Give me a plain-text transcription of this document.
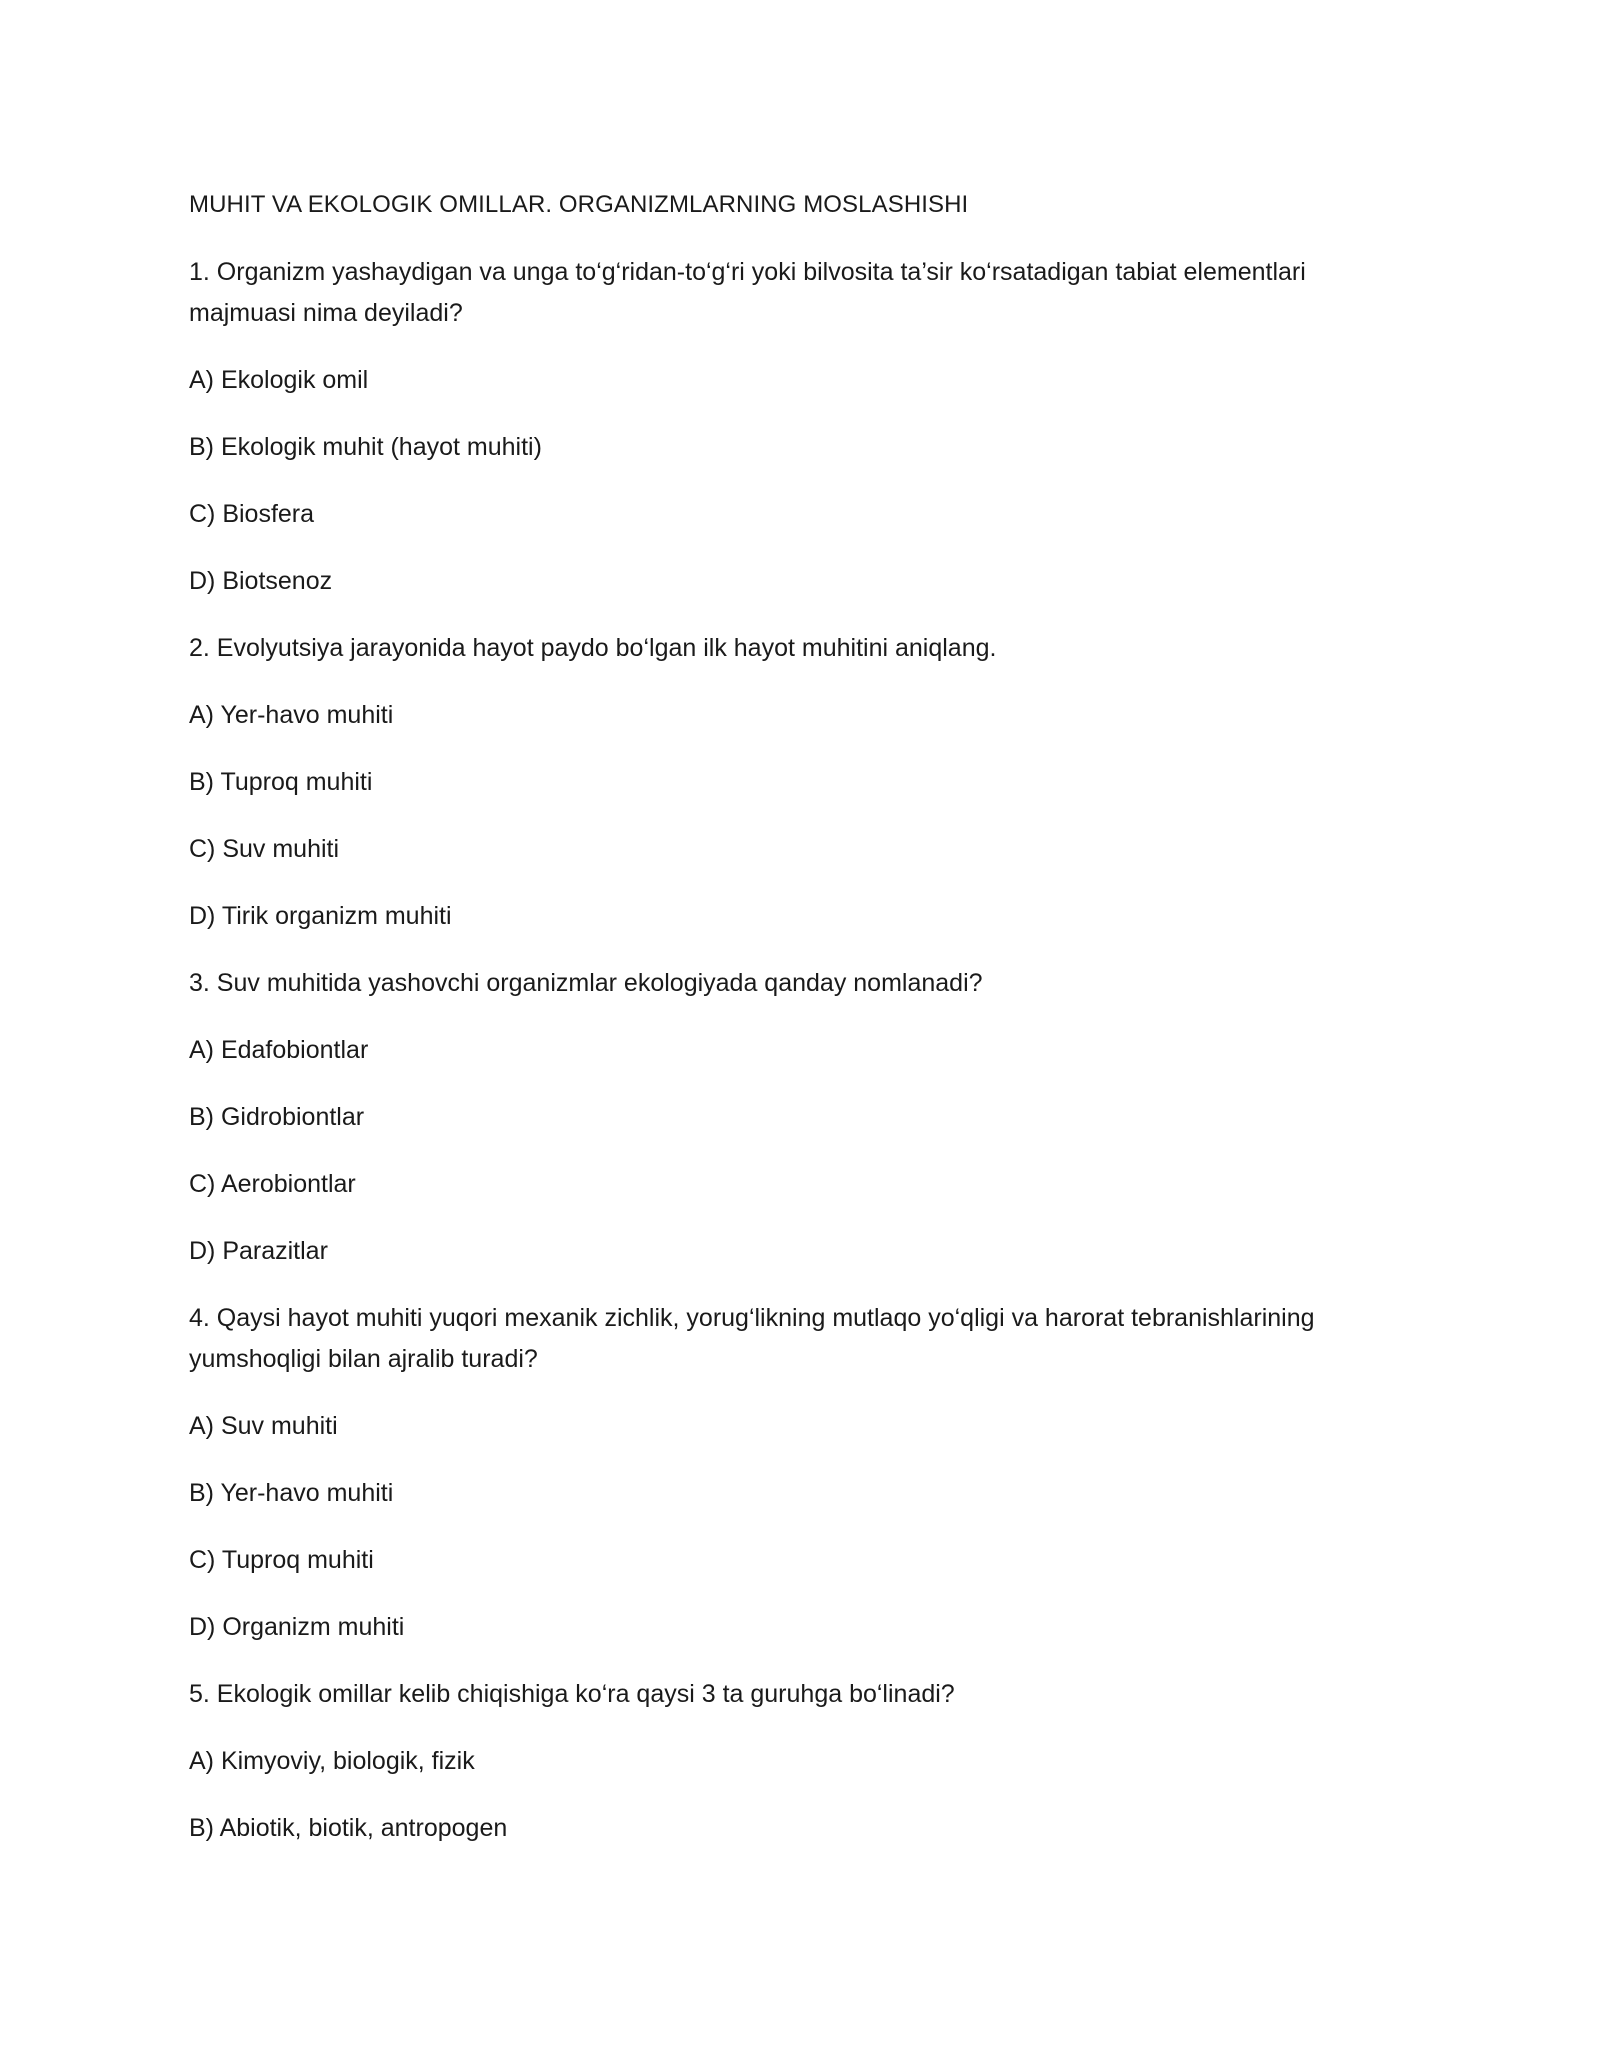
MUHIT VA EKOLOGIK OMILLAR. ORGANIZMLARNING MOSLASHISHI

1. Organizm yashaydigan va unga to‘g‘ridan-to‘g‘ri yoki bilvosita ta’sir ko‘rsatadigan tabiat elementlari majmuasi nima deyiladi?

A) Ekologik omil

B) Ekologik muhit (hayot muhiti)

C) Biosfera

D) Biotsenoz

2. Evolyutsiya jarayonida hayot paydo bo‘lgan ilk hayot muhitini aniqlang.

A) Yer-havo muhiti

B) Tuproq muhiti

C) Suv muhiti

D) Tirik organizm muhiti

3. Suv muhitida yashovchi organizmlar ekologiyada qanday nomlanadi?

A) Edafobiontlar

B) Gidrobiontlar

C) Aerobiontlar

D) Parazitlar

4. Qaysi hayot muhiti yuqori mexanik zichlik, yorug‘likning mutlaqo yo‘qligi va harorat tebranishlarining yumshoqligi bilan ajralib turadi?

A) Suv muhiti

B) Yer-havo muhiti

C) Tuproq muhiti

D) Organizm muhiti

5. Ekologik omillar kelib chiqishiga ko‘ra qaysi 3 ta guruhga bo‘linadi?

A) Kimyoviy, biologik, fizik

B) Abiotik, biotik, antropogen
